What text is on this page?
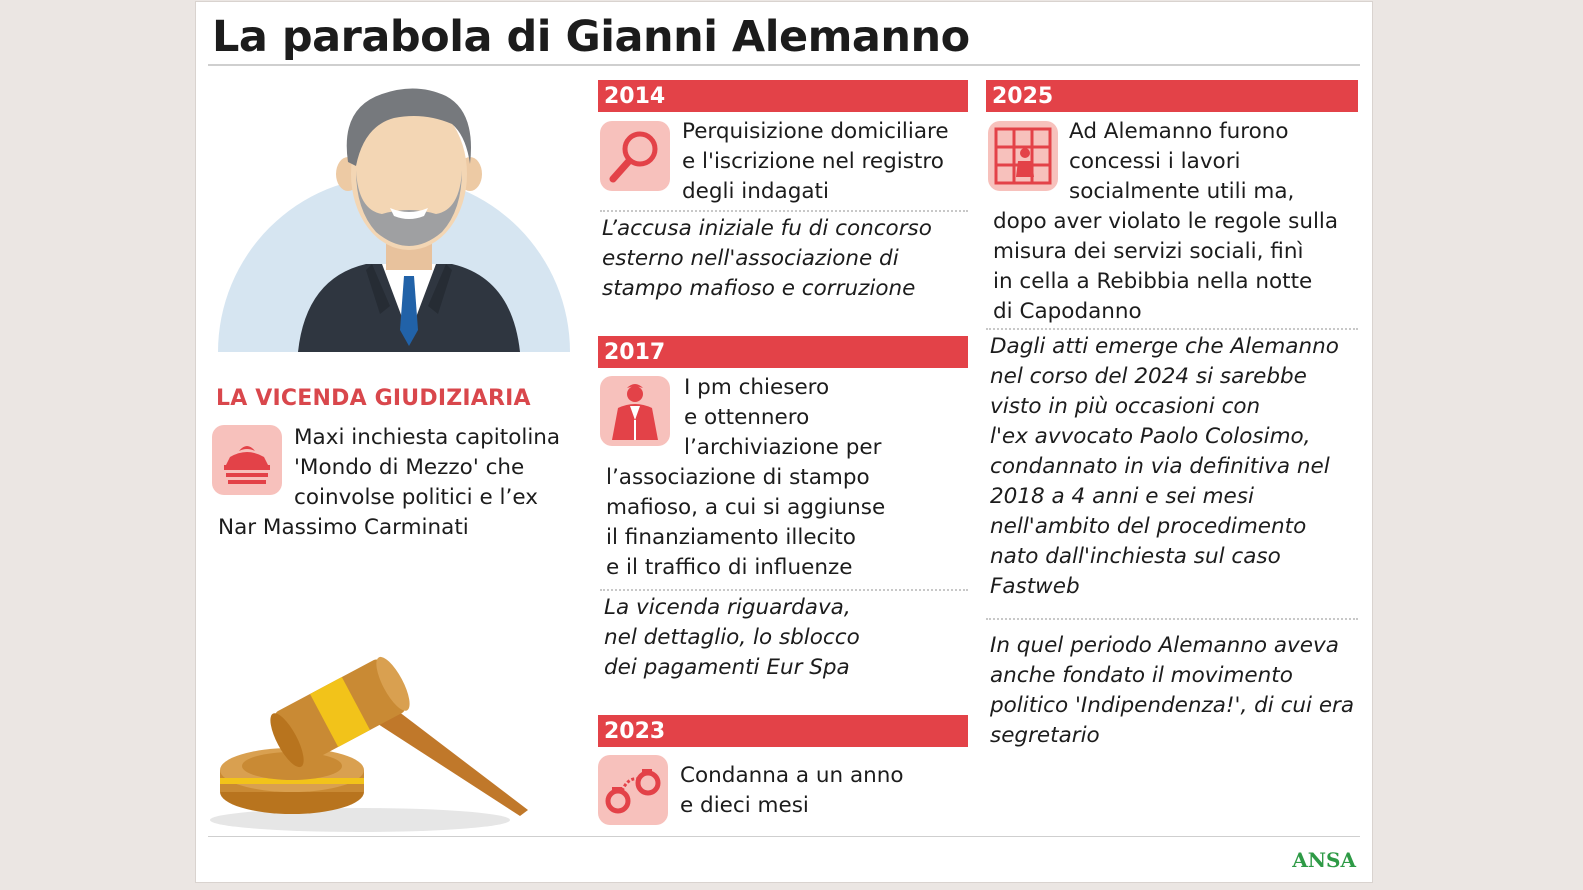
La parabola di Gianni Alemanno
LA VICENDA GIUDIZIARIA
Maxi inchiesta capitolina
'Mondo di Mezzo' che
coinvolse politici e l’ex
Nar Massimo Carminati
2014
Perquisizione domiciliare
e l'iscrizione nel registro
degli indagati
L’accusa iniziale fu di concorso
esterno nell'associazione di
stampo mafioso e corruzione
2017
I pm chiesero
e ottennero
l’archiviazione per
l’associazione di stampo
mafioso, a cui si aggiunse
il finanziamento illecito
e il traffico di influenze
La vicenda riguardava,
nel dettaglio, lo sblocco
dei pagamenti Eur Spa
2023
Condanna a un anno
e dieci mesi
2025
Ad Alemanno furono
concessi i lavori
socialmente utili ma,
dopo aver violato le regole sulla
misura dei servizi sociali, finì
in cella a Rebibbia nella notte
di Capodanno
Dagli atti emerge che Alemanno
nel corso del 2024 si sarebbe
visto in più occasioni con
l'ex avvocato Paolo Colosimo,
condannato in via definitiva nel
2018 a 4 anni e sei mesi
nell'ambito del procedimento
nato dall'inchiesta sul caso
Fastweb
In quel periodo Alemanno aveva
anche fondato il movimento
politico 'Indipendenza!', di cui era
segretario
ANSA
